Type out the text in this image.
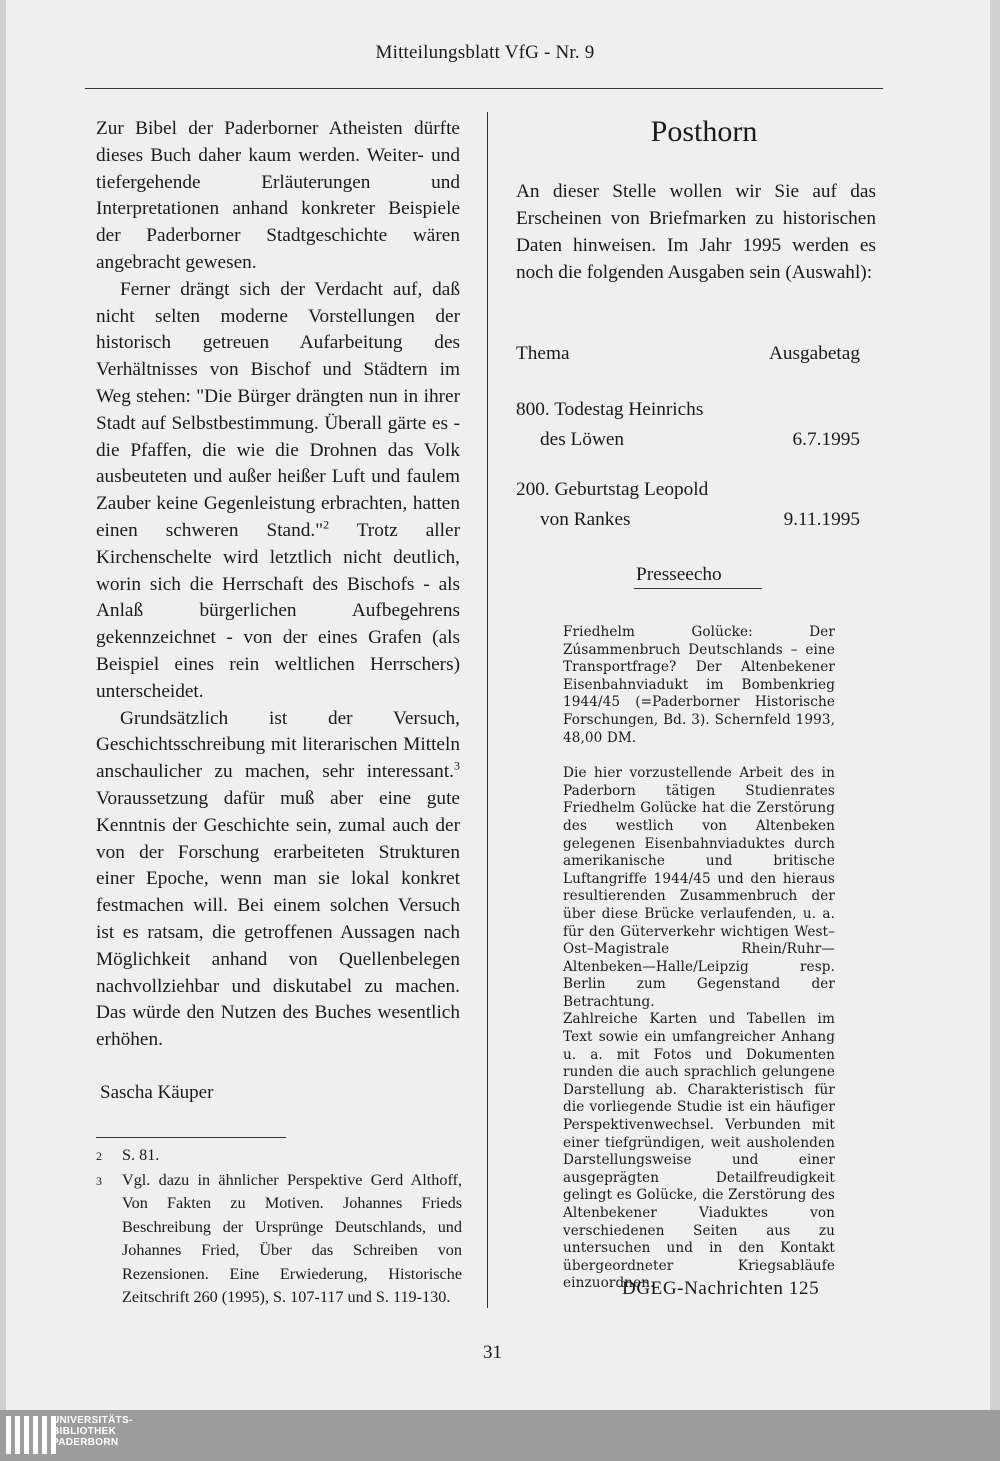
Mitteilungsblatt VfG - Nr. 9

Zur Bibel der Paderborner Atheisten dürfte dieses Buch daher kaum werden. Weiter- und tiefergehende Erläuterungen und Interpretationen anhand konkreter Beispiele der Paderborner Stadtgeschichte wären angebracht gewesen.

Ferner drängt sich der Verdacht auf, daß nicht selten moderne Vorstellungen der historisch getreuen Aufarbeitung des Verhältnisses von Bischof und Städtern im Weg stehen: "Die Bürger drängten nun in ihrer Stadt auf Selbstbestimmung. Überall gärte es - die Pfaffen, die wie die Drohnen das Volk ausbeuteten und außer heißer Luft und faulem Zauber keine Gegenleistung erbrachten, hatten einen schweren Stand."$^2$ Trotz aller Kirchenschelte wird letztlich nicht deutlich, worin sich die Herrschaft des Bischofs - als Anlaß bürgerlichen Aufbegehrens gekennzeichnet - von der eines Grafen (als Beispiel eines rein weltlichen Herrschers) unterscheidet.

Grundsätzlich ist der Versuch, Geschichtsschreibung mit literarischen Mitteln anschaulicher zu machen, sehr interessant.$^3$ Voraussetzung dafür muß aber eine gute Kenntnis der Geschichte sein, zumal auch der von der Forschung erarbeiteten Strukturen einer Epoche, wenn man sie lokal konkret festmachen will. Bei einem solchen Versuch ist es ratsam, die getroffenen Aussagen nach Möglichkeit anhand von Quellenbelegen nachvollziehbar und diskutabel zu machen. Das würde den Nutzen des Buches wesentlich erhöhen.

Sascha Käuper
2	S. 81.
3	Vgl. dazu in ähnlicher Perspektive Gerd Althoff, Von Fakten zu Motiven. Johannes Frieds Beschreibung der Ursprünge Deutschlands, und Johannes Fried, Über das Schreiben von Rezensionen. Eine Erwiederung, Historische Zeitschrift 260 (1995), S. 107-117 und S. 119-130.
Posthorn
An dieser Stelle wollen wir Sie auf das Erscheinen von Briefmarken zu historischen Daten hinweisen. Im Jahr 1995 werden es noch die folgenden Ausgaben sein (Auswahl):
Thema	Ausgabetag
800. Todestag Heinrichs
des Löwen	6.7.1995
200. Geburtstag Leopold
von Rankes	9.11.1995
Presseecho

Friedhelm Golücke: Der Zúsammenbruch Deutschlands – eine Transportfrage? Der Altenbekener Eisenbahnviadukt im Bombenkrieg 1944/45 (=Paderborner Historische Forschungen, Bd. 3). Schernfeld 1993, 48,00 DM.

Die hier vorzustellende Arbeit des in Paderborn tätigen Studienrates Friedhelm Golücke hat die Zerstörung des westlich von Altenbeken gelegenen Eisenbahnviaduktes durch amerikanische und britische Luftangriffe 1944/45 und den hieraus resultierenden Zusammenbruch der über diese Brücke verlaufenden, u. a. für den Güterverkehr wichtigen West–Ost–Magistrale Rhein/Ruhr—Altenbeken—Halle/Leipzig resp. Berlin zum Gegenstand der Betrachtung.

Zahlreiche Karten und Tabellen im Text sowie ein umfangreicher Anhang u. a. mit Fotos und Dokumenten runden die auch sprachlich gelungene Darstellung ab. Charakteristisch für die vorliegende Studie ist ein häufiger Perspektivenwechsel. Verbunden mit einer tiefgründigen, weit ausholenden Darstellungsweise und einer ausgeprägten Detailfreudigkeit gelingt es Golücke, die Zerstörung des Altenbekener Viaduktes von verschiedenen Seiten aus zu untersuchen und in den Kontakt übergeordneter Kriegsabläufe einzuordnen.

DGEG-Nachrichten 125
31
UNIVERSITÄTS-
BIBLIOTHEK
PADERBORN
